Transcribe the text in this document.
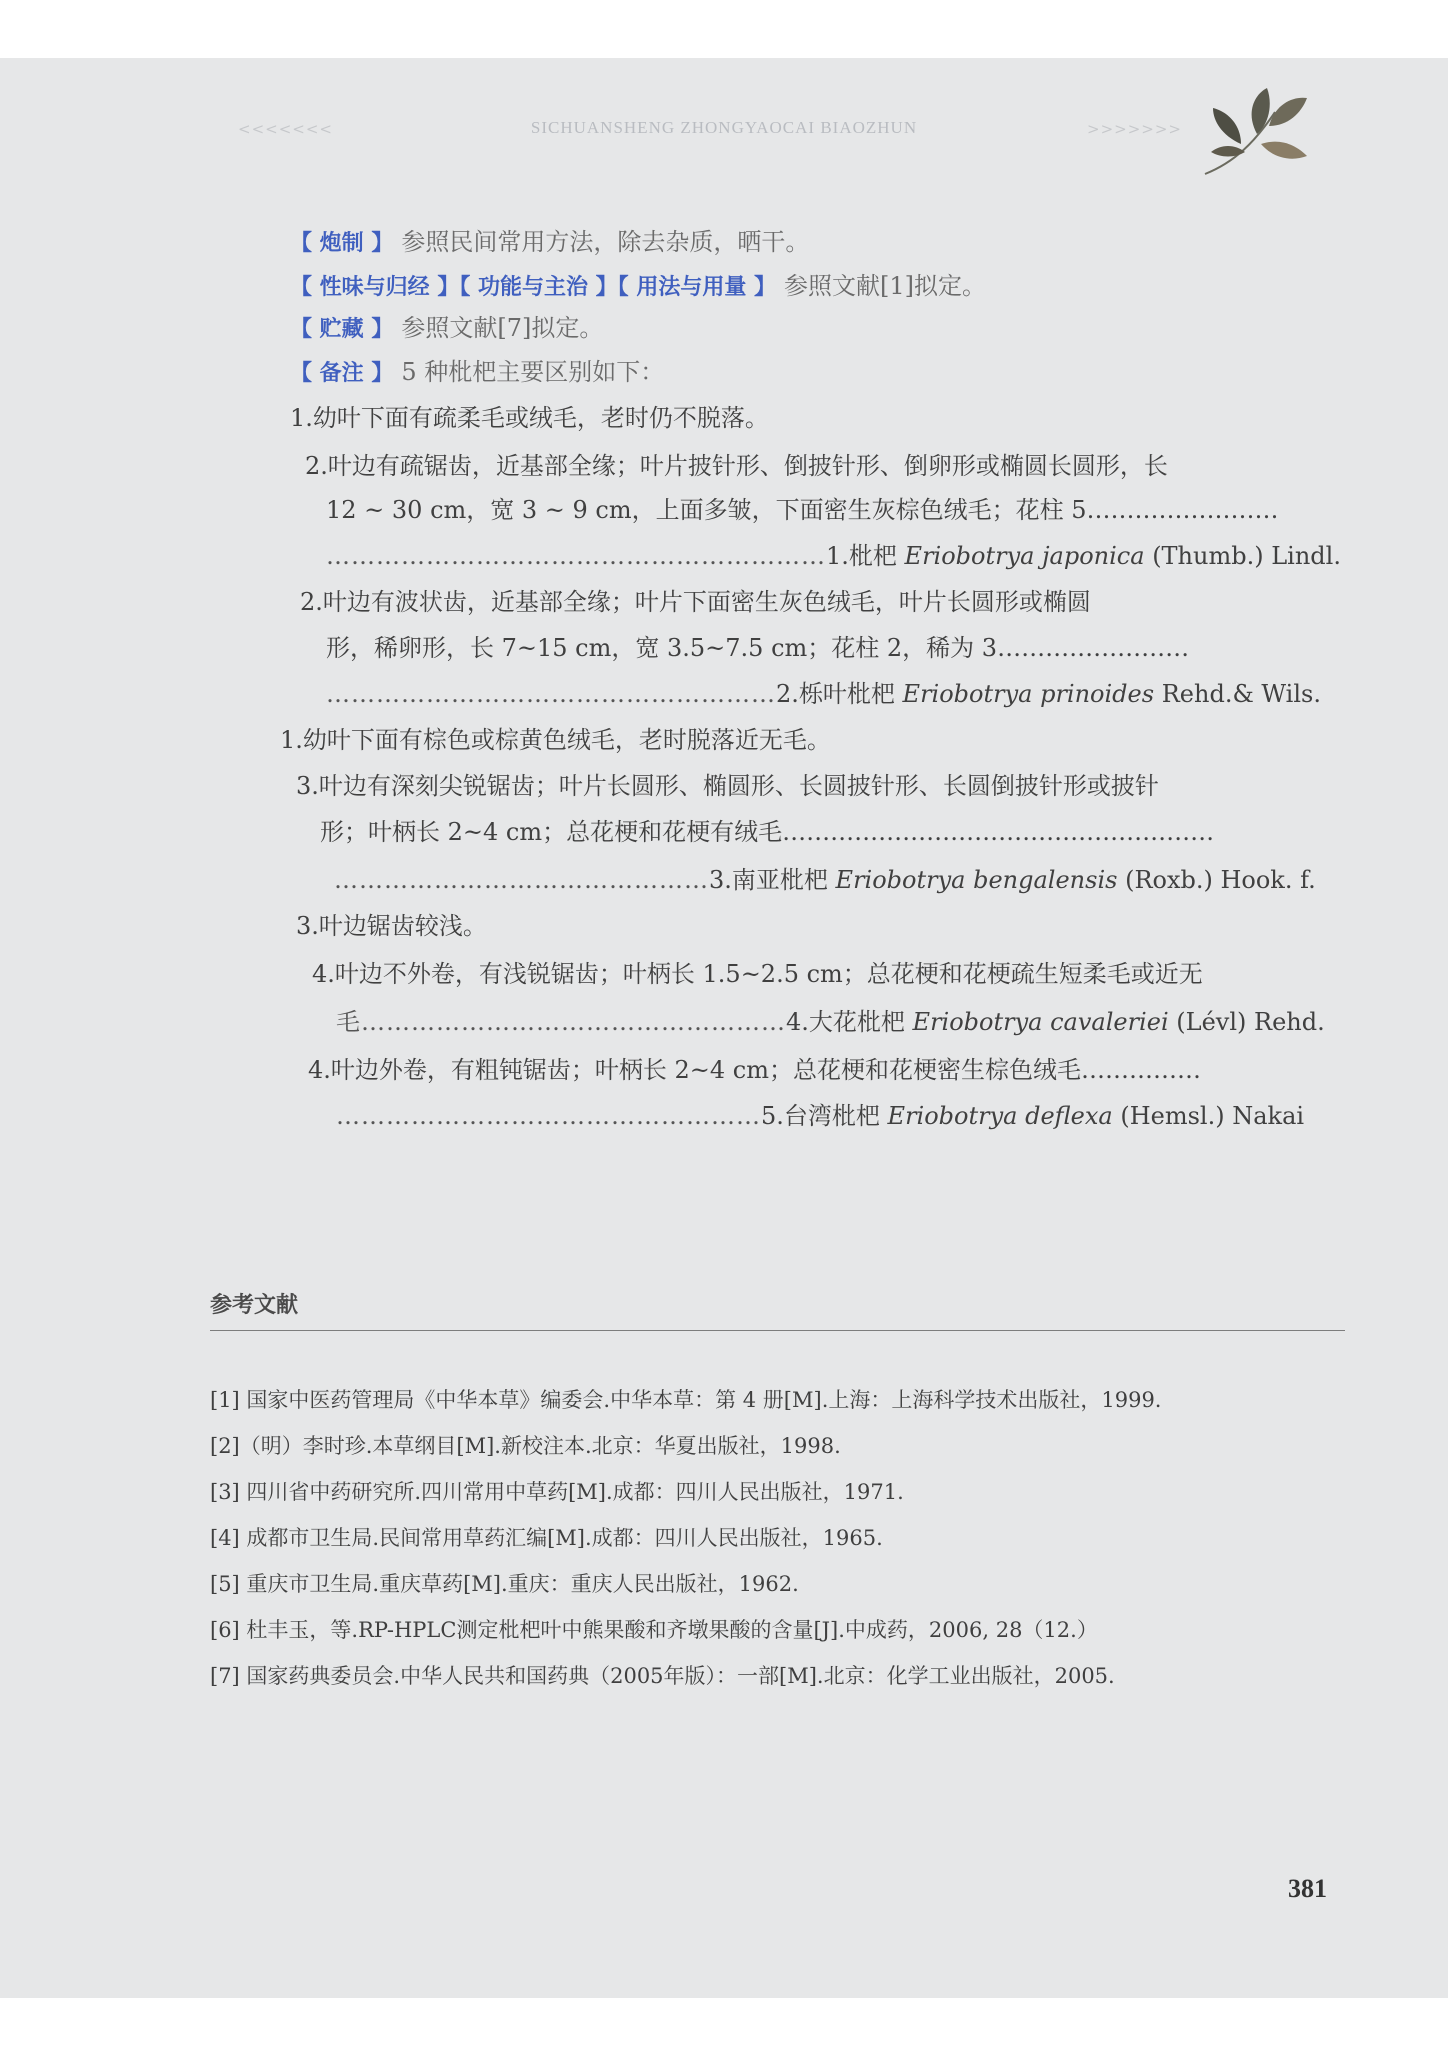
<<<<<<<	SICHUANSHENG ZHONGYAOCAI BIAOZHUN	>>>>>>>
【 炮制 】 参照民间常用方法，除去杂质，晒干。
【 性味与归经 】【 功能与主治 】【 用法与用量 】 参照文献[1]拟定。
【 贮藏 】 参照文献[7]拟定。
【 备注 】 5 种枇杷主要区别如下：
1.幼叶下面有疏柔毛或绒毛，老时仍不脱落。
2.叶边有疏锯齿，近基部全缘；叶片披针形、倒披针形、倒卵形或椭圆长圆形，长
12 ~ 30 cm，宽 3 ~ 9 cm，上面多皱，下面密生灰棕色绒毛；花柱 5……………………
……………………………………………………1.枇杷 Eriobotrya japonica (Thumb.) Lindl.
2.叶边有波状齿，近基部全缘；叶片下面密生灰色绒毛，叶片长圆形或椭圆
形，稀卵形，长 7~15 cm，宽 3.5~7.5 cm；花柱 2，稀为 3……………………
………………………………………………2.栎叶枇杷 Eriobotrya prinoides Rehd.& Wils.
1.幼叶下面有棕色或棕黄色绒毛，老时脱落近无毛。
3.叶边有深刻尖锐锯齿；叶片长圆形、椭圆形、长圆披针形、长圆倒披针形或披针
形；叶柄长 2~4 cm；总花梗和花梗有绒毛………………………………………………
………………………………………3.南亚枇杷 Eriobotrya bengalensis (Roxb.) Hook. f.
3.叶边锯齿较浅。
4.叶边不外卷，有浅锐锯齿；叶柄长 1.5~2.5 cm；总花梗和花梗疏生短柔毛或近无
毛……………………………………………4.大花枇杷 Eriobotrya cavaleriei (Lévl) Rehd.
4.叶边外卷，有粗钝锯齿；叶柄长 2~4 cm；总花梗和花梗密生棕色绒毛……………
……………………………………………5.台湾枇杷 Eriobotrya deflexa (Hemsl.) Nakai
参考文献
[1] 国家中医药管理局《中华本草》编委会.中华本草：第 4 册[M].上海：上海科学技术出版社，1999.
[2]（明）李时珍.本草纲目[M].新校注本.北京：华夏出版社，1998.
[3] 四川省中药研究所.四川常用中草药[M].成都：四川人民出版社，1971.
[4] 成都市卫生局.民间常用草药汇编[M].成都：四川人民出版社，1965.
[5] 重庆市卫生局.重庆草药[M].重庆：重庆人民出版社，1962.
[6] 杜丰玉，等.RP-HPLC测定枇杷叶中熊果酸和齐墩果酸的含量[J].中成药，2006, 28（12.）
[7] 国家药典委员会.中华人民共和国药典（2005年版）：一部[M].北京：化学工业出版社，2005.
381
